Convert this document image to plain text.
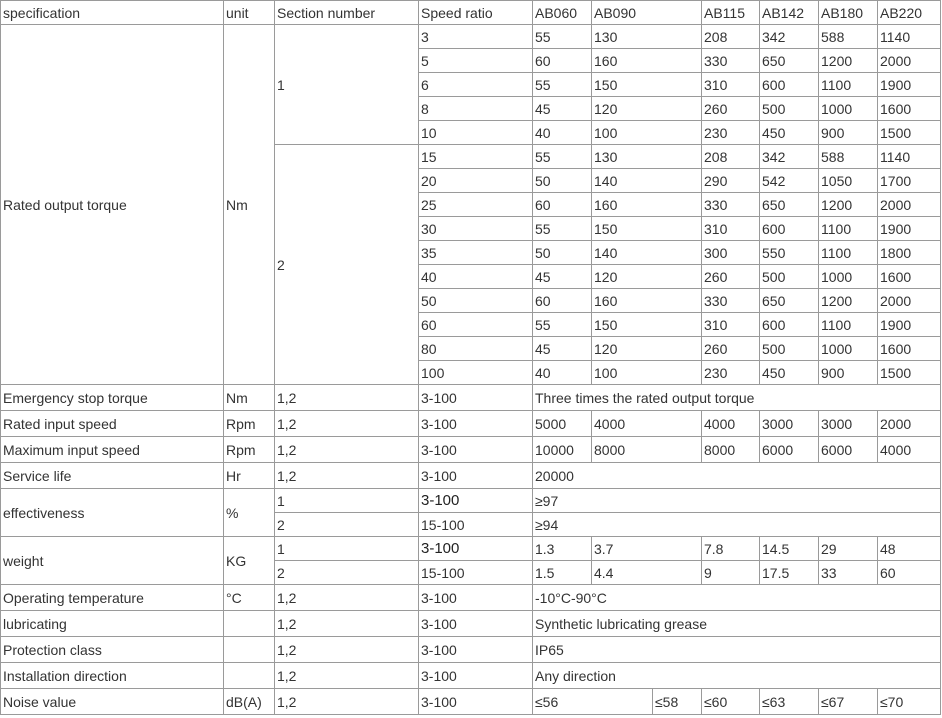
specification	unit	Section number	Speed ratio	AB060	AB090		AB115	AB142	AB180	AB220
Rated output torque	Nm	1	3	55	130		208	342	588	1140
			5	60	160		330	650	1200	2000
			6	55	150		310	600	1100	1900
			8	45	120		260	500	1000	1600
			10	40	100		230	450	900	1500
		2	15	55	130		208	342	588	1140
			20	50	140		290	542	1050	1700
			25	60	160		330	650	1200	2000
			30	55	150		310	600	1100	1900
			35	50	140		300	550	1100	1800
			40	45	120		260	500	1000	1600
			50	60	160		330	650	1200	2000
			60	55	150		310	600	1100	1900
			80	45	120		260	500	1000	1600
			100	40	100		230	450	900	1500
Emergency stop torque	Nm	1,2	3-100	Three times the rated output torque						
Rated input speed	Rpm	1,2	3-100	5000	4000		4000	3000	3000	2000
Maximum input speed	Rpm	1,2	3-100	10000	8000		8000	6000	6000	4000
Service life	Hr	1,2	3-100	20000						
effectiveness	%	1	3-100	≥97						
		2	15-100	≥94						
weight	KG	1	3-100	1.3	3.7		7.8	14.5	29	48
		2	15-100	1.5	4.4		9	17.5	33	60
Operating temperature	°C	1,2	3-100	-10°C-90°C						
lubricating		1,2	3-100	Synthetic lubricating grease						
Protection class		1,2	3-100	IP65						
Installation direction		1,2	3-100	Any direction						
Noise value	dB(A)	1,2	3-100	≤56		≤58	≤60	≤63	≤67	≤70
